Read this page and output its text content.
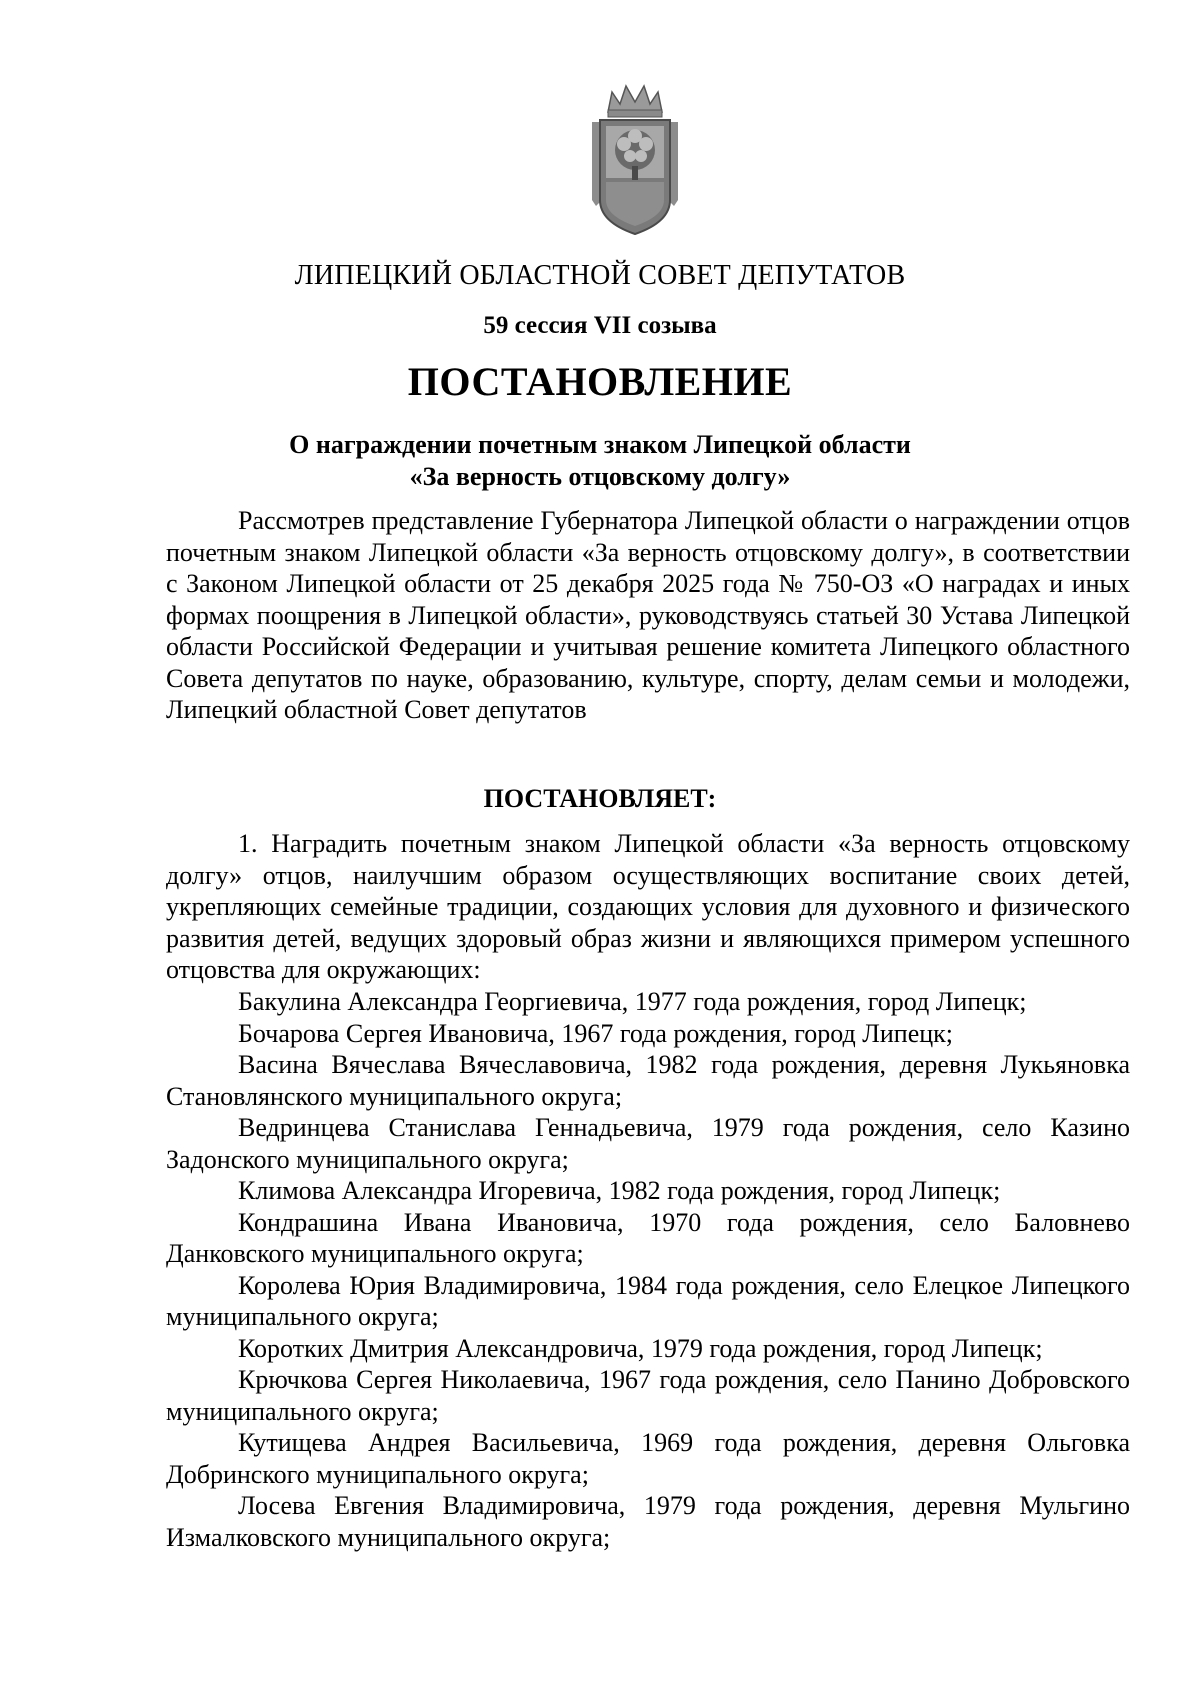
ЛИПЕЦКИЙ ОБЛАСТНОЙ СОВЕТ ДЕПУТАТОВ
59 сессия VII созыва
ПОСТАНОВЛЕНИЕ
О награждении почетным знаком Липецкой области
«За верность отцовскому долгу»

Рассмотрев представление Губернатора Липецкой области о награждении отцов почетным знаком Липецкой области «За верность отцовскому долгу», в соответствии с Законом Липецкой области от 25 декабря 2025 года № 750-ОЗ «О наградах и иных формах поощрения в Липецкой области», руководствуясь статьей 30 Устава Липецкой области Российской Федерации и учитывая решение комитета Липецкого областного Совета депутатов по науке, образованию, культуре, спорту, делам семьи и молодежи, Липецкий областной Совет депутатов

ПОСТАНОВЛЯЕТ:

1. Наградить почетным знаком Липецкой области «За верность отцовскому долгу» отцов, наилучшим образом осуществляющих воспитание своих детей, укрепляющих семейные традиции, создающих условия для духовного и физического развития детей, ведущих здоровый образ жизни и являющихся примером успешного отцовства для окружающих:

Бакулина Александра Георгиевича, 1977 года рождения, город Липецк;

Бочарова Сергея Ивановича, 1967 года рождения, город Липецк;

Васина Вячеслава Вячеславовича, 1982 года рождения, деревня Лукьяновка Становлянского муниципального округа;

Ведринцева Станислава Геннадьевича, 1979 года рождения, село Казино Задонского муниципального округа;

Климова Александра Игоревича, 1982 года рождения, город Липецк;

Кондрашина Ивана Ивановича, 1970 года рождения, село Баловнево Данковского муниципального округа;

Королева Юрия Владимировича, 1984 года рождения, село Елецкое Липецкого муниципального округа;

Коротких Дмитрия Александровича, 1979 года рождения, город Липецк;

Крючкова Сергея Николаевича, 1967 года рождения, село Панино Добровского муниципального округа;

Кутищева Андрея Васильевича, 1969 года рождения, деревня Ольговка Добринского муниципального округа;

Лосева Евгения Владимировича, 1979 года рождения, деревня Мульгино Измалковского муниципального округа;
